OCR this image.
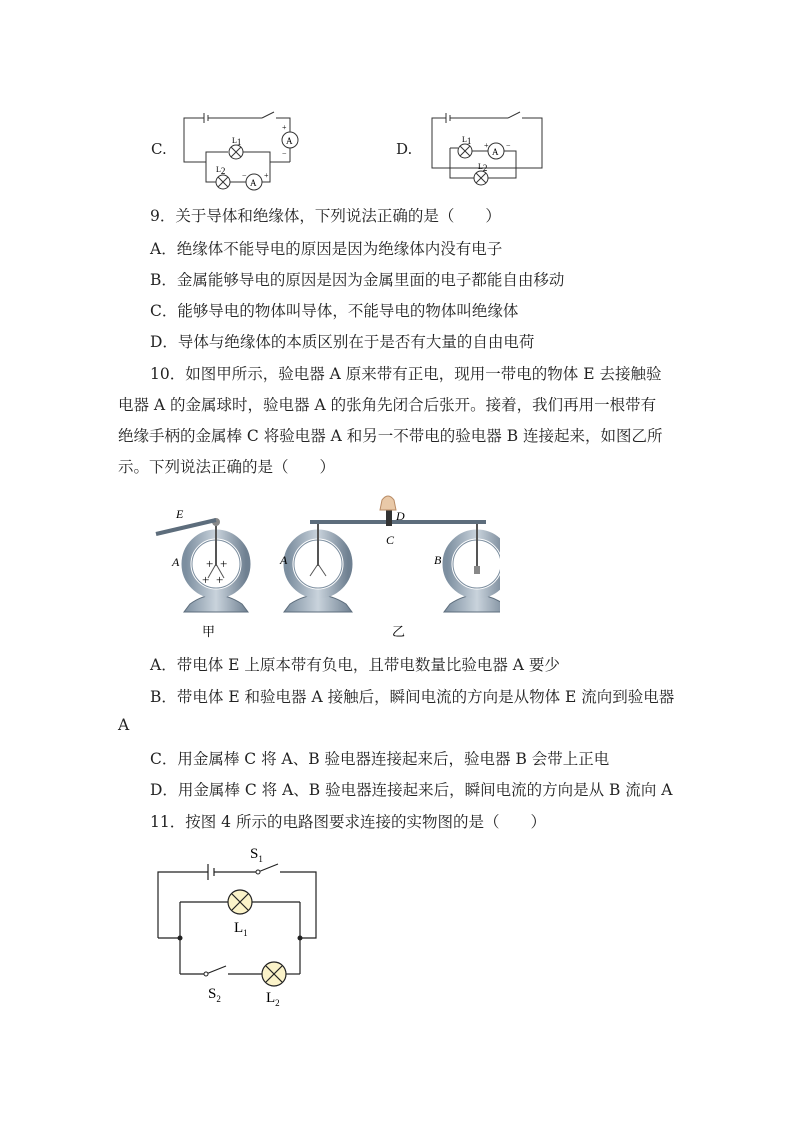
C.	A
A
L1
L2
+
−
− +
D.	A
L1
L2
+ −
9．关于导体和绝缘体，下列说法正确的是（　　）
A．绝缘体不能导电的原因是因为绝缘体内没有电子
B．金属能够导电的原因是因为金属里面的电子都能自由移动
C．能够导电的物体叫导体，不能导电的物体叫绝缘体
D．导体与绝缘体的本质区别在于是否有大量的自由电荷
10．如图甲所示，验电器 A 原来带有正电，现用一带电的物体 E 去接触验
电器 A 的金属球时，验电器 A 的张角先闭合后张开。接着，我们再用一根带有
绝缘手柄的金属棒 C 将验电器 A 和另一不带电的验电器 B 连接起来，如图乙所
示。下列说法正确的是（　　）
+ +
+ +
E
A
甲
D
C
A	B
乙
A．带电体 E 上原本带有负电，且带电数量比验电器 A 要少
B．带电体 E 和验电器 A 接触后，瞬间电流的方向是从物体 E 流向到验电器
A
C．用金属棒 C 将 A、B 验电器连接起来后，验电器 B 会带上正电
D．用金属棒 C 将 A、B 验电器连接起来后，瞬间电流的方向是从 B 流向 A
11．按图 4 所示的电路图要求连接的实物图的是（　　）
$S_1$
$L_1$
$S_2$	$L_2$
